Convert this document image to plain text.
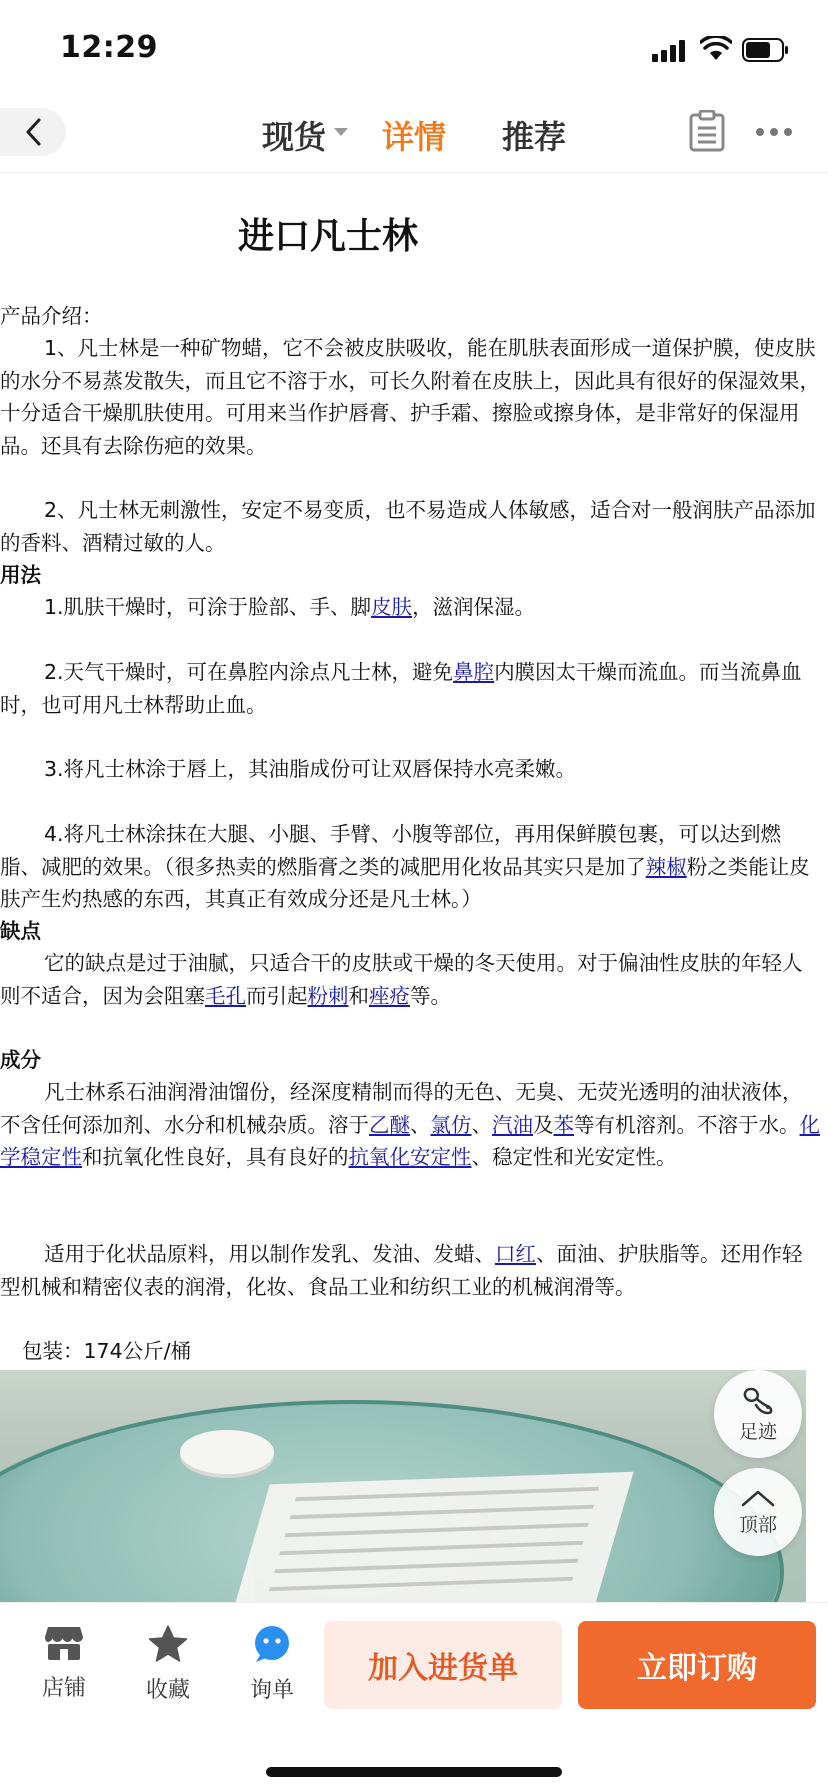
12:29
现货 详情 推荐
进口凡士林
产品介绍：
1、凡士林是一种矿物蜡，它不会被皮肤吸收，能在肌肤表面形成一道保护膜，使皮肤的水分不易蒸发散失，而且它不溶于水，可长久附着在皮肤上，因此具有很好的保湿效果，十分适合干燥肌肤使用。可用来当作护唇膏、护手霜、擦脸或擦身体，是非常好的保湿用品。还具有去除伤疤的效果。
2、凡士林无刺激性，安定不易变质，也不易造成人体敏感，适合对一般润肤产品添加的香料、酒精过敏的人。
用法
1.肌肤干燥时，可涂于脸部、手、脚皮肤，滋润保湿。
2.天气干燥时，可在鼻腔内涂点凡士林，避免鼻腔内膜因太干燥而流血。而当流鼻血时，也可用凡士林帮助止血。
3.将凡士林涂于唇上，其油脂成份可让双唇保持水亮柔嫩。
4.将凡士林涂抹在大腿、小腿、手臂、小腹等部位，再用保鲜膜包裹，可以达到燃脂、减肥的效果。（很多热卖的燃脂膏之类的减肥用化妆品其实只是加了辣椒粉之类能让皮肤产生灼热感的东西，其真正有效成分还是凡士林。）
缺点
它的缺点是过于油腻，只适合干的皮肤或干燥的冬天使用。对于偏油性皮肤的年轻人则不适合，因为会阻塞毛孔而引起粉刺和痤疮等。
成分
凡士林系石油润滑油馏份，经深度精制而得的无色、无臭、无荧光透明的油状液体，不含任何添加剂、水分和机械杂质。溶于乙醚、氯仿、汽油及苯等有机溶剂。不溶于水。化学稳定性和抗氧化性良好，具有良好的抗氧化安定性、稳定性和光安定性。
适用于化状品原料，用以制作发乳、发油、发蜡、口红、面油、护肤脂等。还用作轻型机械和精密仪表的润滑，化妆、食品工业和纺织工业的机械润滑等。
包装：174公斤/桶
足迹
顶部
店铺	收藏	询单
加入进货单	立即订购
